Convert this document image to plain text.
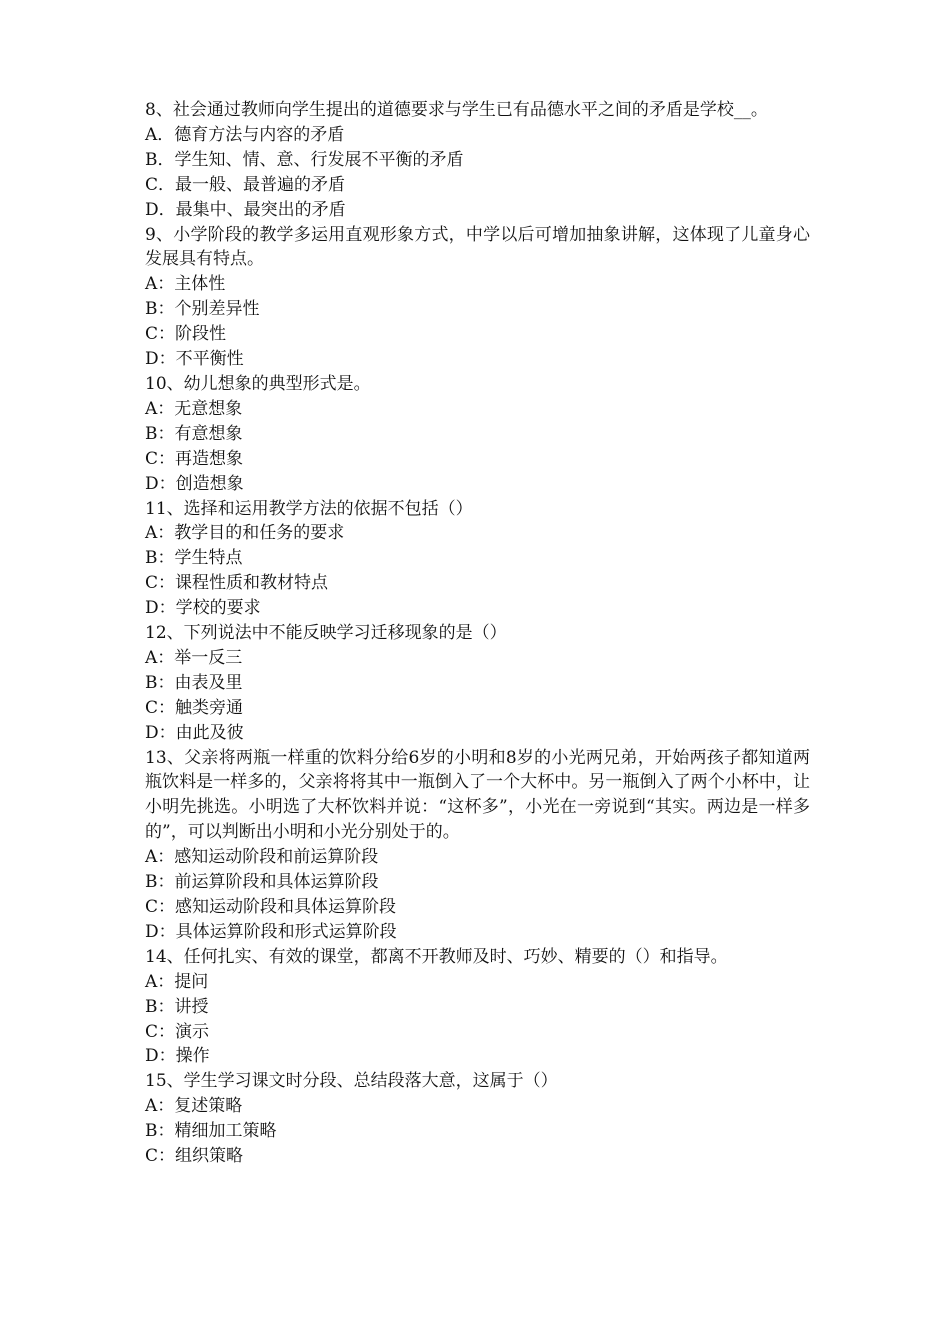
8、社会通过教师向学生提出的道德要求与学生已有品德水平之间的矛盾是学校__。

A．德育方法与内容的矛盾

B．学生知、情、意、行发展不平衡的矛盾

C．最一般、最普遍的矛盾

D．最集中、最突出的矛盾

9、小学阶段的教学多运用直观形象方式，中学以后可增加抽象讲解，这体现了儿童身心发展具有特点。

A：主体性

B：个别差异性

C：阶段性

D：不平衡性

10、幼儿想象的典型形式是。

A：无意想象

B：有意想象

C：再造想象

D：创造想象

11、选择和运用教学方法的依据不包括（）

A：教学目的和任务的要求

B：学生特点

C：课程性质和教材特点

D：学校的要求

12、下列说法中不能反映学习迁移现象的是（）

A：举一反三

B：由表及里

C：触类旁通

D：由此及彼

13、父亲将两瓶一样重的饮料分给6岁的小明和8岁的小光两兄弟，开始两孩子都知道两瓶饮料是一样多的，父亲将将其中一瓶倒入了一个大杯中。另一瓶倒入了两个小杯中，让小明先挑选。小明选了大杯饮料并说：“这杯多”，小光在一旁说到“其实。两边是一样多的”，可以判断出小明和小光分别处于的。

A：感知运动阶段和前运算阶段

B：前运算阶段和具体运算阶段

C：感知运动阶段和具体运算阶段

D：具体运算阶段和形式运算阶段

14、任何扎实、有效的课堂，都离不开教师及时、巧妙、精要的（）和指导。

A：提问

B：讲授

C：演示

D：操作

15、学生学习课文时分段、总结段落大意，这属于（）

A：复述策略

B：精细加工策略

C：组织策略
